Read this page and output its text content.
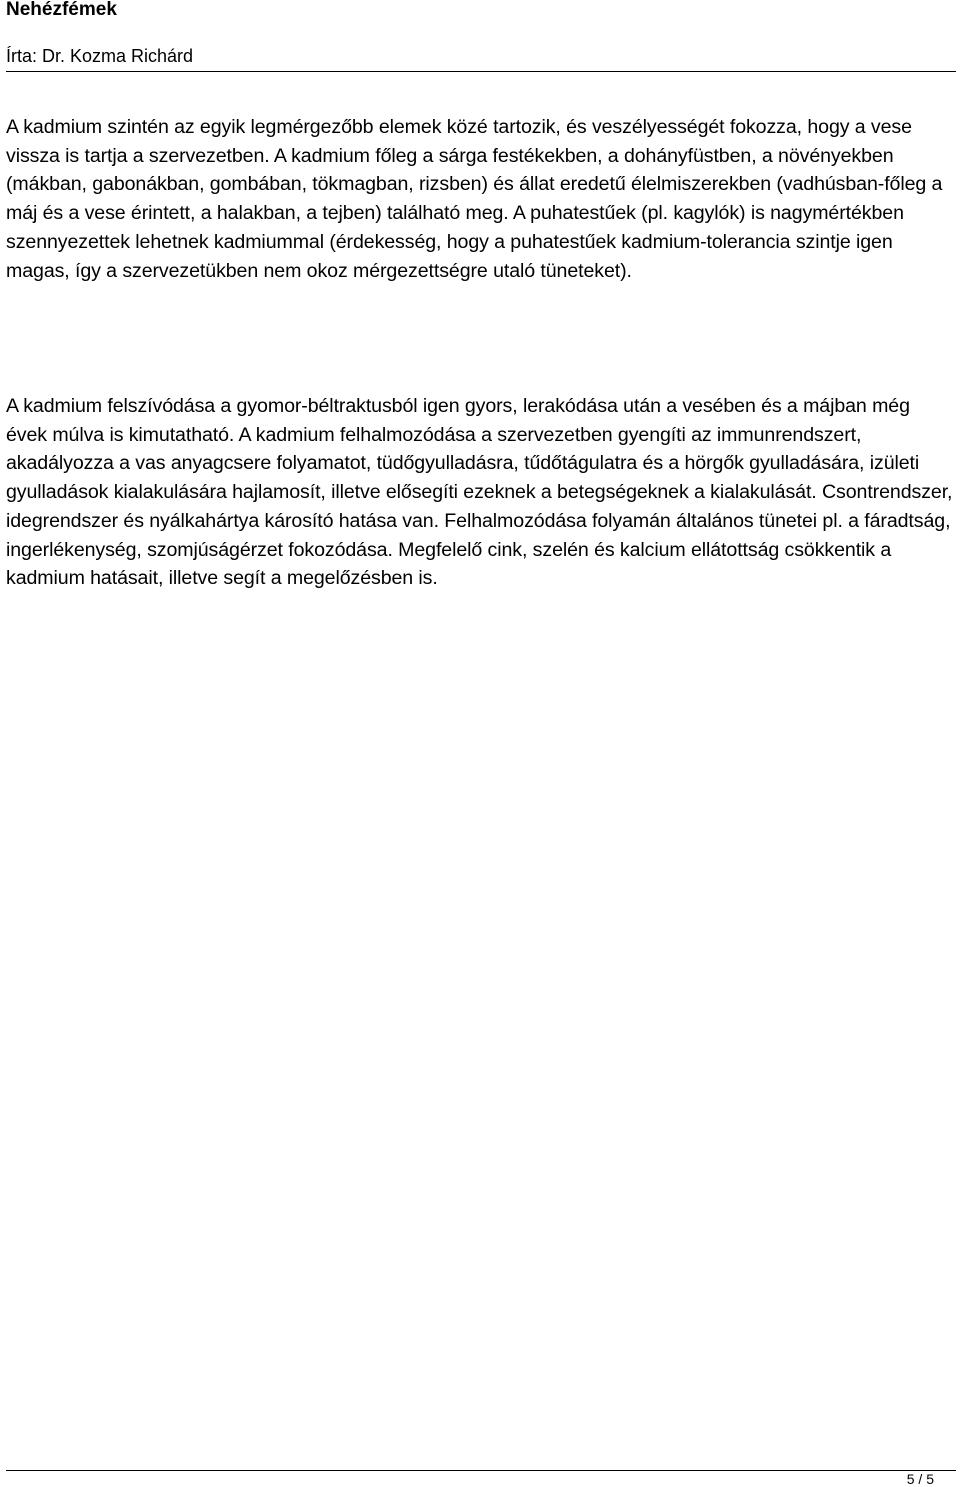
Nehézfémek
Írta: Dr. Kozma Richárd

A kadmium szintén az egyik legmérgezőbb elemek közé tartozik, és veszélyességét fokozza, hogy a vese vissza is tartja a szervezetben. A kadmium főleg a sárga festékekben, a dohányfüstben, a növényekben (mákban, gabonákban, gombában, tökmagban, rizsben) és állat eredetű élelmiszerekben (vadhúsban-főleg a máj és a vese érintett, a halakban, a tejben) található meg. A puhatestűek (pl. kagylók) is nagymértékben szennyezettek lehetnek kadmiummal (érdekesség, hogy a puhatestűek kadmium-tolerancia szintje igen magas, így a szervezetükben nem okoz mérgezettségre utaló tüneteket).

A kadmium felszívódása a gyomor-béltraktusból igen gyors, lerakódása után a vesében és a májban még évek múlva is kimutatható. A kadmium felhalmozódása a szervezetben gyengíti az immunrendszert, akadályozza a vas anyagcsere folyamatot, tüdőgyulladásra, tűdőtágulatra és a hörgők gyulladására, izületi gyulladások kialakulására hajlamosít, illetve elősegíti ezeknek a betegségeknek a kialakulását. Csontrendszer, idegrendszer és nyálkahártya károsító hatása van. Felhalmozódása folyamán általános tünetei pl. a fáradtság, ingerlékenység, szomjúságérzet fokozódása. Megfelelő cink, szelén és kalcium ellátottság csökkentik a kadmium hatásait, illetve segít a megelőzésben is.

5 / 5
